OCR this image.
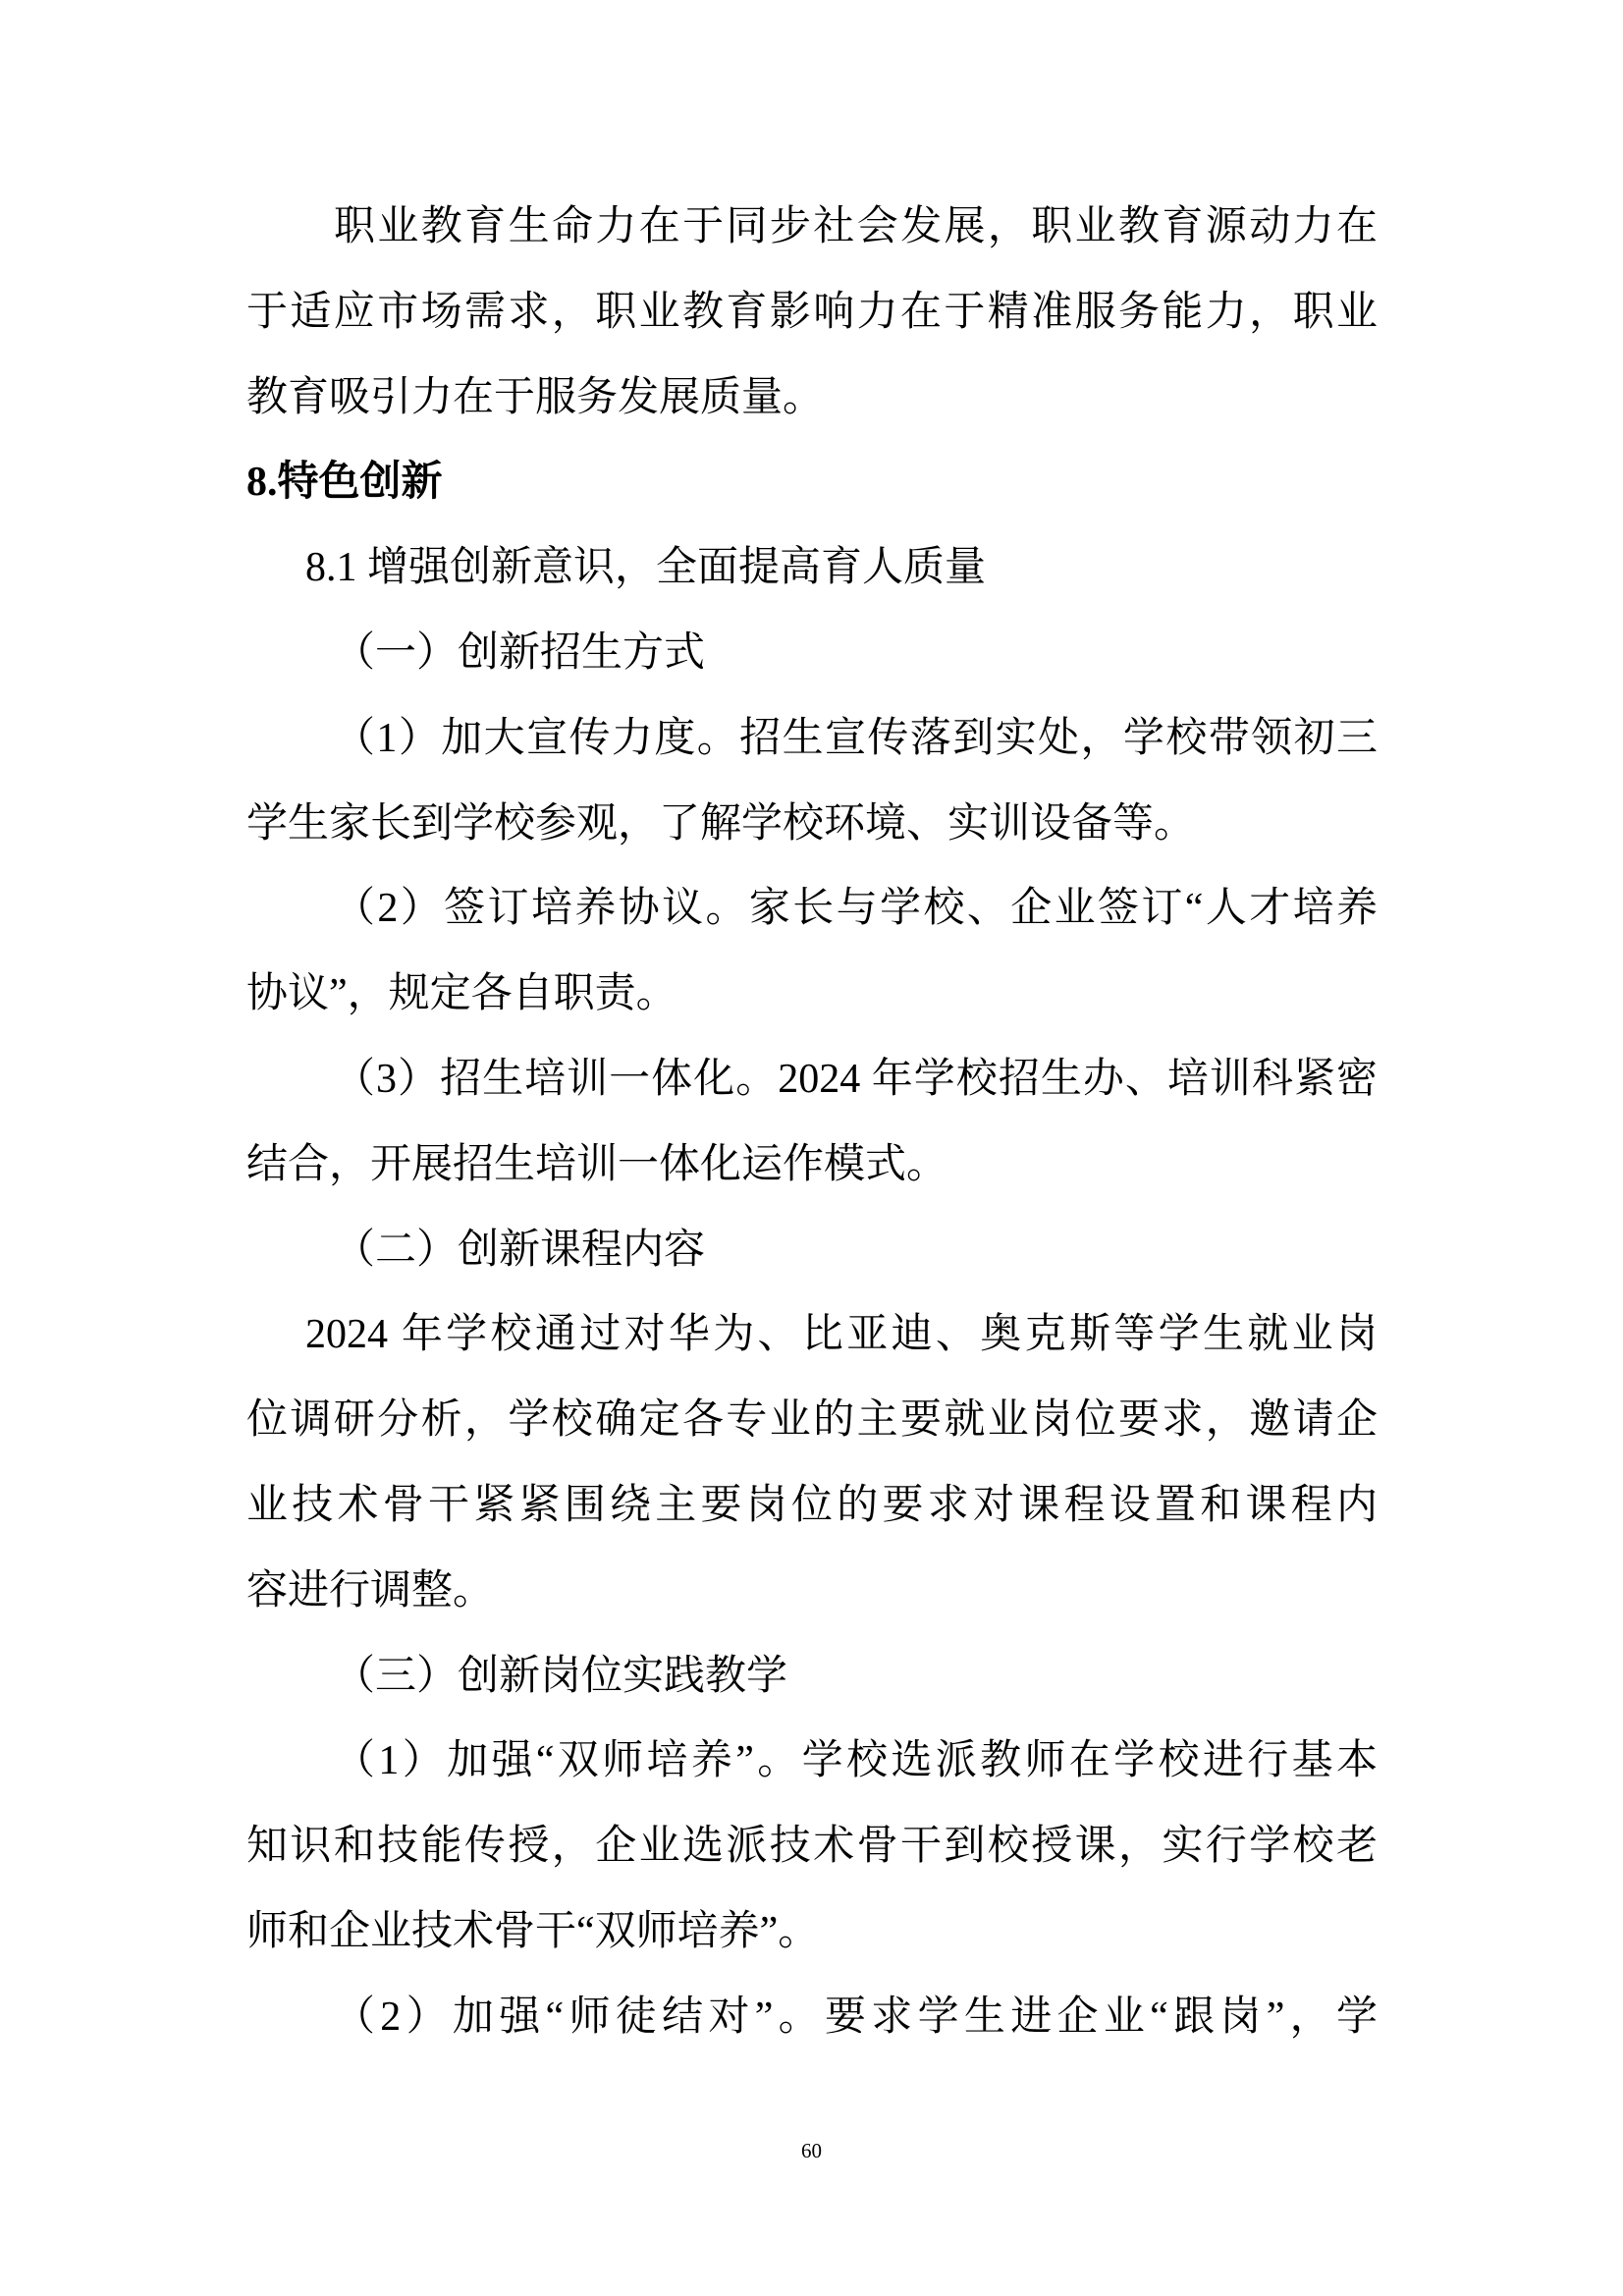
职业教育生命力在于同步社会发展，职业教育源动力在
于适应市场需求，职业教育影响力在于精准服务能力，职业
教育吸引力在于服务发展质量。
8.特色创新
8.1 增强创新意识，全面提高育人质量
（一）创新招生方式
（1）加大宣传力度。招生宣传落到实处，学校带领初三
学生家长到学校参观，了解学校环境、实训设备等。
（2）签订培养协议。家长与学校、企业签订“人才培养
协议”，规定各自职责。
（3）招生培训一体化。2024 年学校招生办、培训科紧密
结合，开展招生培训一体化运作模式。
（二）创新课程内容
2024 年学校通过对华为、比亚迪、奥克斯等学生就业岗
位调研分析，学校确定各专业的主要就业岗位要求，邀请企
业技术骨干紧紧围绕主要岗位的要求对课程设置和课程内
容进行调整。
（三）创新岗位实践教学
（1）加强“双师培养”。学校选派教师在学校进行基本
知识和技能传授，企业选派技术骨干到校授课，实行学校老
师和企业技术骨干“双师培养”。
（2）加强“师徒结对”。要求学生进企业“跟岗”，学
60
